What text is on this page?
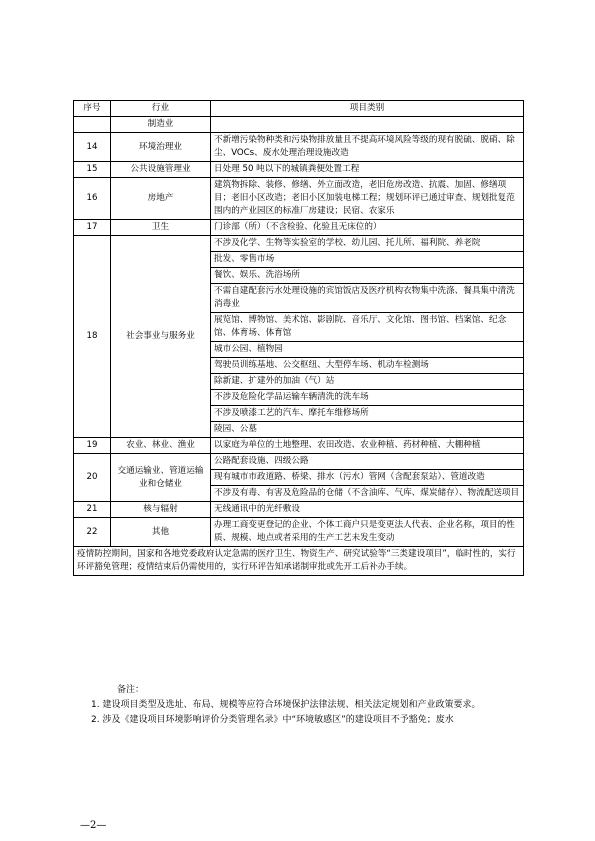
序号	行业	项目类别
	制造业	
14	环境治理业	不新增污染物种类和污染物排放量且不提高环境风险等级的现有脱硫、脱硝、除尘、VOCs、废水处理治理设施改造
15	公共设施管理业	日处理 50 吨以下的城镇粪便处置工程
16	房地产	建筑物拆除、装修、修缮、外立面改造，老旧危房改造、抗震、加固、修缮项目；老旧小区改造；老旧小区加装电梯工程；规划环评已通过审查、规划批复范围内的产业园区的标准厂房建设；民宿、农家乐
17	卫生	门诊部（所）（不含检验、化验且无床位的）
18	社会事业与服务业	不涉及化学、生物等实验室的学校、幼儿园、托儿所、福利院、养老院
		批发、零售市场
		餐饮、娱乐、洗浴场所
		不需自建配套污水处理设施的宾馆饭店及医疗机构衣物集中洗涤、餐具集中清洗消毒业
		展览馆、博物馆、美术馆、影剧院、音乐厅、文化馆、图书馆、档案馆、纪念馆、体育场、体育馆
		城市公园、植物园
		驾驶员训练基地、公交枢纽、大型停车场、机动车检测场
		除新建、扩建外的加油（气）站
		不涉及危险化学品运输车辆清洗的洗车场
		不涉及喷漆工艺的汽车、摩托车维修场所
		陵园、公墓
19	农业、林业、渔业	以家庭为单位的土地整理、农田改造、农业种植、药材种植、大棚种植
20	交通运输业、管道运输业和仓储业	公路配套设施、四级公路
		现有城市市政道路、桥梁、排水（污水）管网（含配套泵站）、管道改造
		不涉及有毒、有害及危险品的仓储（不含油库、气库、煤炭储存）、物流配送项目
21	核与辐射	无线通讯中的光纤敷设
22	其他	办理工商变更登记的企业、个体工商户只是变更法人代表、企业名称，项目的性质、规模、地点或者采用的生产工艺未发生变动
疫情防控期间，国家和各地党委政府认定急需的医疗卫生、物资生产、研究试验等“三类建设项目”，临时性的，实行环评豁免管理；疫情结束后仍需使用的，实行环评告知承诺制审批或先开工后补办手续。		

备注：

1. 建设项目类型及选址、布局、规模等应符合环境保护法律法规、相关法定规划和产业政策要求。

2. 涉及《建设项目环境影响评价分类管理名录》中“环境敏感区”的建设项目不予豁免；废水

—2—
